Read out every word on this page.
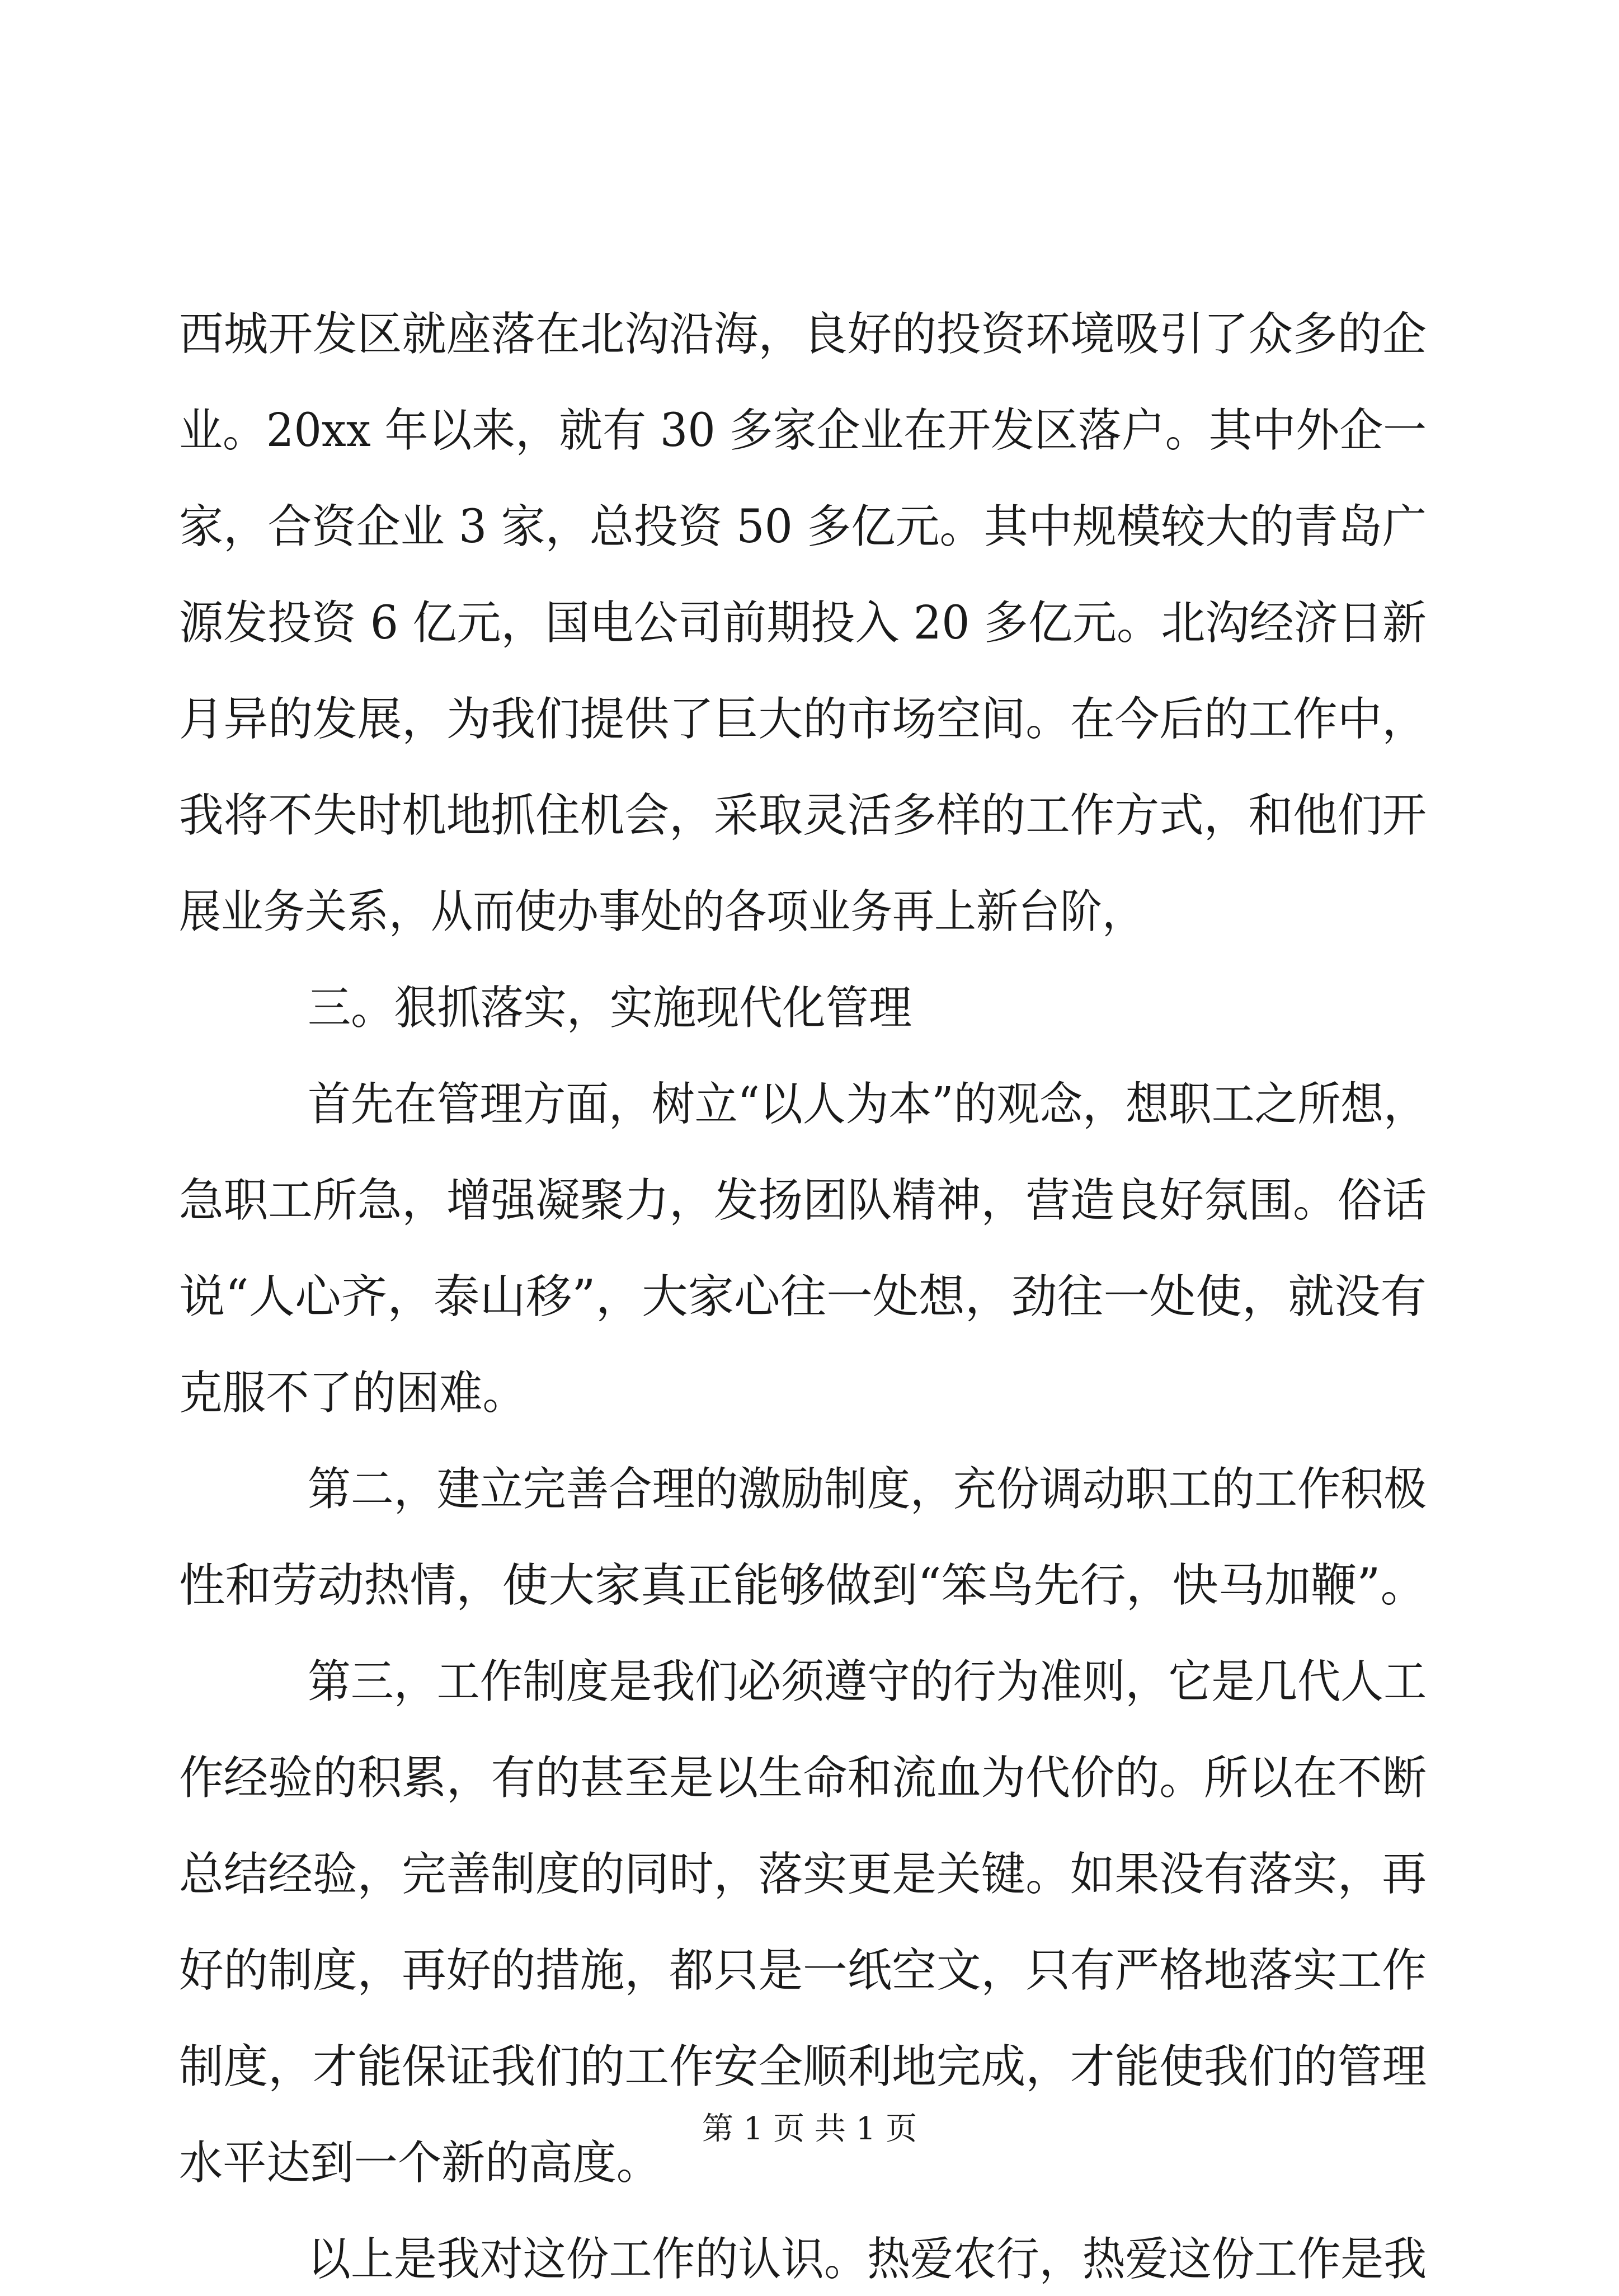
西城开发区就座落在北沟沿海，良好的投资环境吸引了众多的企

业。20xx 年以来，就有 30 多家企业在开发区落户。其中外企一

家，合资企业 3 家，总投资 50 多亿元。其中规模较大的青岛广

源发投资 6 亿元，国电公司前期投入 20 多亿元。北沟经济日新

月异的发展，为我们提供了巨大的市场空间。在今后的工作中，

我将不失时机地抓住机会，采取灵活多样的工作方式，和他们开

展业务关系，从而使办事处的各项业务再上新台阶，

三。狠抓落实，实施现代化管理

首先在管理方面，树立“以人为本”的观念，想职工之所想，

急职工所急，增强凝聚力，发扬团队精神，营造良好氛围。俗话

说“人心齐，泰山移”，大家心往一处想，劲往一处使，就没有

克服不了的困难。

第二，建立完善合理的激励制度，充份调动职工的工作积极

性和劳动热情，使大家真正能够做到“笨鸟先行，快马加鞭”。

第三，工作制度是我们必须遵守的行为准则，它是几代人工

作经验的积累，有的甚至是以生命和流血为代价的。所以在不断

总结经验，完善制度的同时，落实更是关键。如果没有落实，再

好的制度，再好的措施，都只是一纸空文，只有严格地落实工作

制度，才能保证我们的工作安全顺利地完成，才能使我们的管理

水平达到一个新的高度。

以上是我对这份工作的认识。热爱农行，热爱这份工作是我

第 1 页 共 1 页
